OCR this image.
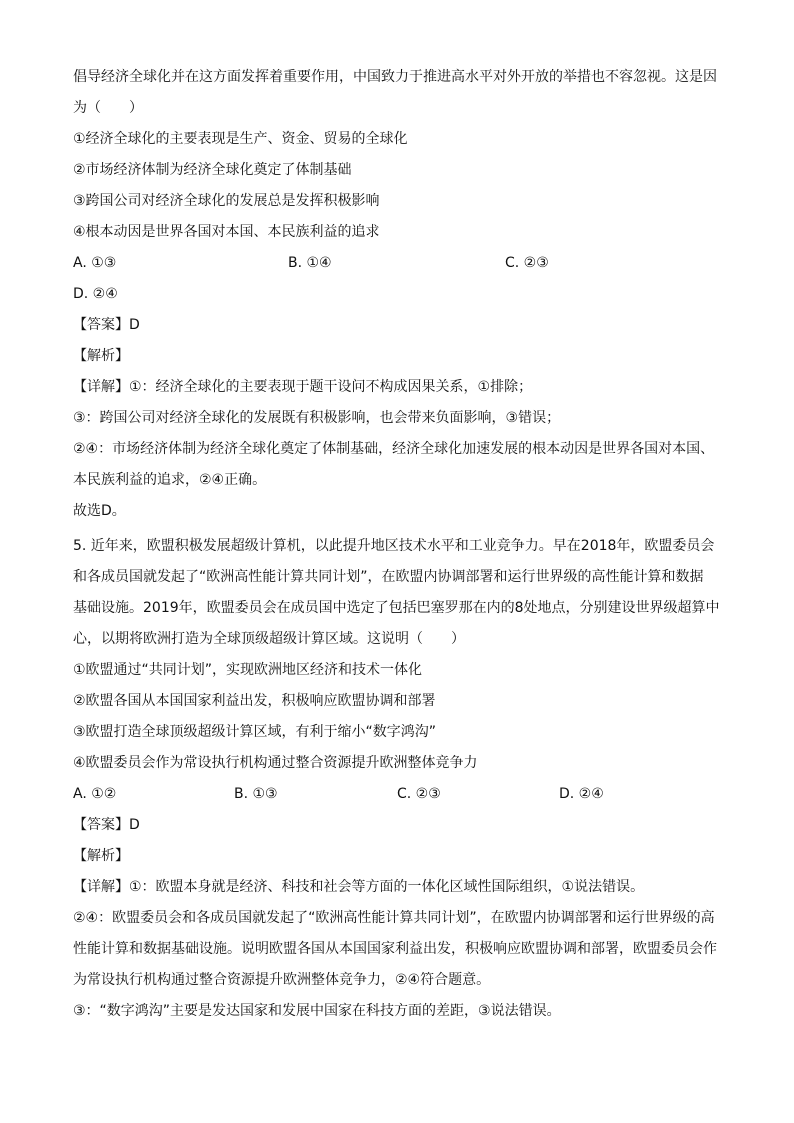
倡导经济全球化并在这方面发挥着重要作用，中国致力于推进高水平对外开放的举措也不容忽视。这是因
为（　　）
①经济全球化的主要表现是生产、资金、贸易的全球化
②市场经济体制为经济全球化奠定了体制基础
③跨国公司对经济全球化的发展总是发挥积极影响
④根本动因是世界各国对本国、本民族利益的追求
A. ①③	B. ①④	C. ②③
D. ②④
【答案】D
【解析】
【详解】①：经济全球化的主要表现于题干设问不构成因果关系，①排除；
③：跨国公司对经济全球化的发展既有积极影响，也会带来负面影响，③错误；
②④：市场经济体制为经济全球化奠定了体制基础，经济全球化加速发展的根本动因是世界各国对本国、
本民族利益的追求，②④正确。
故选D。
5. 近年来，欧盟积极发展超级计算机，以此提升地区技术水平和工业竞争力。早在2018年，欧盟委员会
和各成员国就发起了“欧洲高性能计算共同计划”，在欧盟内协调部署和运行世界级的高性能计算和数据
基础设施。2019年，欧盟委员会在成员国中选定了包括巴塞罗那在内的8处地点，分别建设世界级超算中
心，以期将欧洲打造为全球顶级超级计算区域。这说明（　　）
①欧盟通过“共同计划”，实现欧洲地区经济和技术一体化
②欧盟各国从本国国家利益出发，积极响应欧盟协调和部署
③欧盟打造全球顶级超级计算区域，有利于缩小“数字鸿沟”
④欧盟委员会作为常设执行机构通过整合资源提升欧洲整体竞争力
A. ①②	B. ①③	C. ②③	D. ②④
【答案】D
【解析】
【详解】①：欧盟本身就是经济、科技和社会等方面的一体化区域性国际组织，①说法错误。
②④：欧盟委员会和各成员国就发起了“欧洲高性能计算共同计划”，在欧盟内协调部署和运行世界级的高
性能计算和数据基础设施。说明欧盟各国从本国国家利益出发，积极响应欧盟协调和部署，欧盟委员会作
为常设执行机构通过整合资源提升欧洲整体竞争力，②④符合题意。
③：“数字鸿沟”主要是发达国家和发展中国家在科技方面的差距，③说法错误。
